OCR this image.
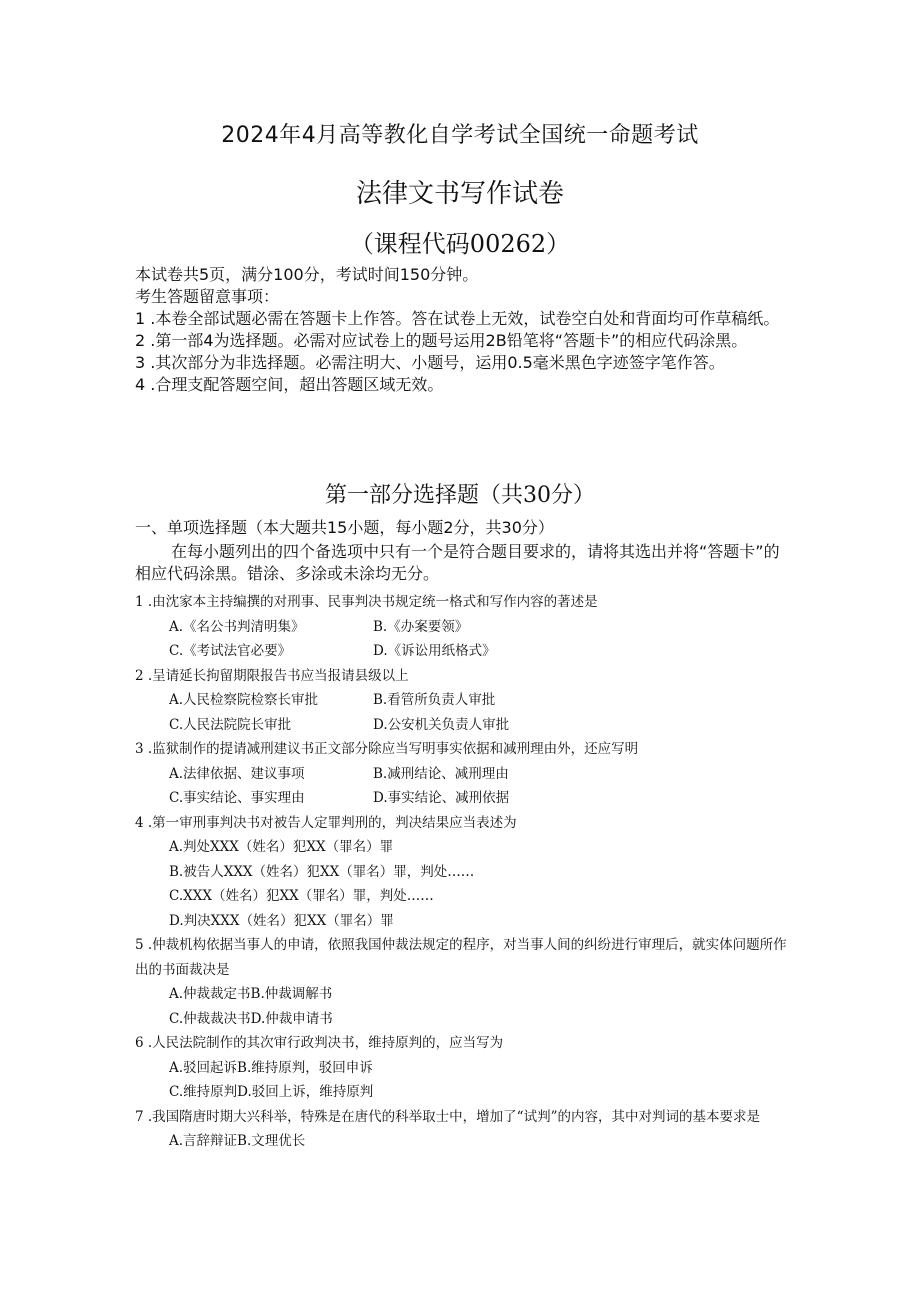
2024年4月高等教化自学考试全国统一命题考试
法律文书写作试卷
（课程代码00262）
本试卷共5页，满分100分，考试时间150分钟。
考生答题留意事项：
1 .本卷全部试题必需在答题卡上作答。答在试卷上无效，试卷空白处和背面均可作草稿纸。
2 .第一部4为选择题。必需对应试卷上的题号运用2B铅笔将“答题卡”的相应代码涂黑。
3 .其次部分为非选择题。必需注明大、小题号，运用0.5毫米黑色字迹签字笔作答。
4 .合理支配答题空间，超出答题区域无效。
第一部分选择题（共30分）
一、单项选择题（本大题共15小题，每小题2分，共30分）
在每小题列出的四个备选项中只有一个是符合题目要求的，请将其选出并将“答题卡”的相应代码涂黑。错涂、多涂或未涂均无分。
1 .由沈家本主持编撰的对刑事、民事判决书规定统一格式和写作内容的著述是
A.《名公书判清明集》	B.《办案要领》
C.《考试法官必要》	D.《诉讼用纸格式》
2 .呈请延长拘留期限报告书应当报请县级以上
A.人民检察院检察长审批	B.看管所负责人审批
C.人民法院院长审批	D.公安机关负责人审批
3 .监狱制作的提请减刑建议书正文部分除应当写明事实依据和减刑理由外，还应写明
A.法律依据、建议事项	B.减刑结论、减刑理由
C.事实结论、事实理由	D.事实结论、减刑依据
4 .第一审刑事判决书对被告人定罪判刑的，判决结果应当表述为
A.判处XXX（姓名）犯XX（罪名）罪
B.被告人XXX（姓名）犯XX（罪名）罪，判处……
C.XXX（姓名）犯XX（罪名）罪，判处……
D.判决XXX（姓名）犯XX（罪名）罪
5 .仲裁机构依据当事人的申请，依照我国仲裁法规定的程序，对当事人间的纠纷进行审理后，就实体问题所作出的书面裁决是
A.仲裁裁定书B.仲裁调解书
C.仲裁裁决书D.仲裁申请书
6 .人民法院制作的其次审行政判决书，维持原判的，应当写为
A.驳回起诉B.维持原判，驳回申诉
C.维持原判D.驳回上诉，维持原判
7 .我国隋唐时期大兴科举，特殊是在唐代的科举取士中，增加了“试判”的内容，其中对判词的基本要求是
A.言辞辩证B.文理优长
